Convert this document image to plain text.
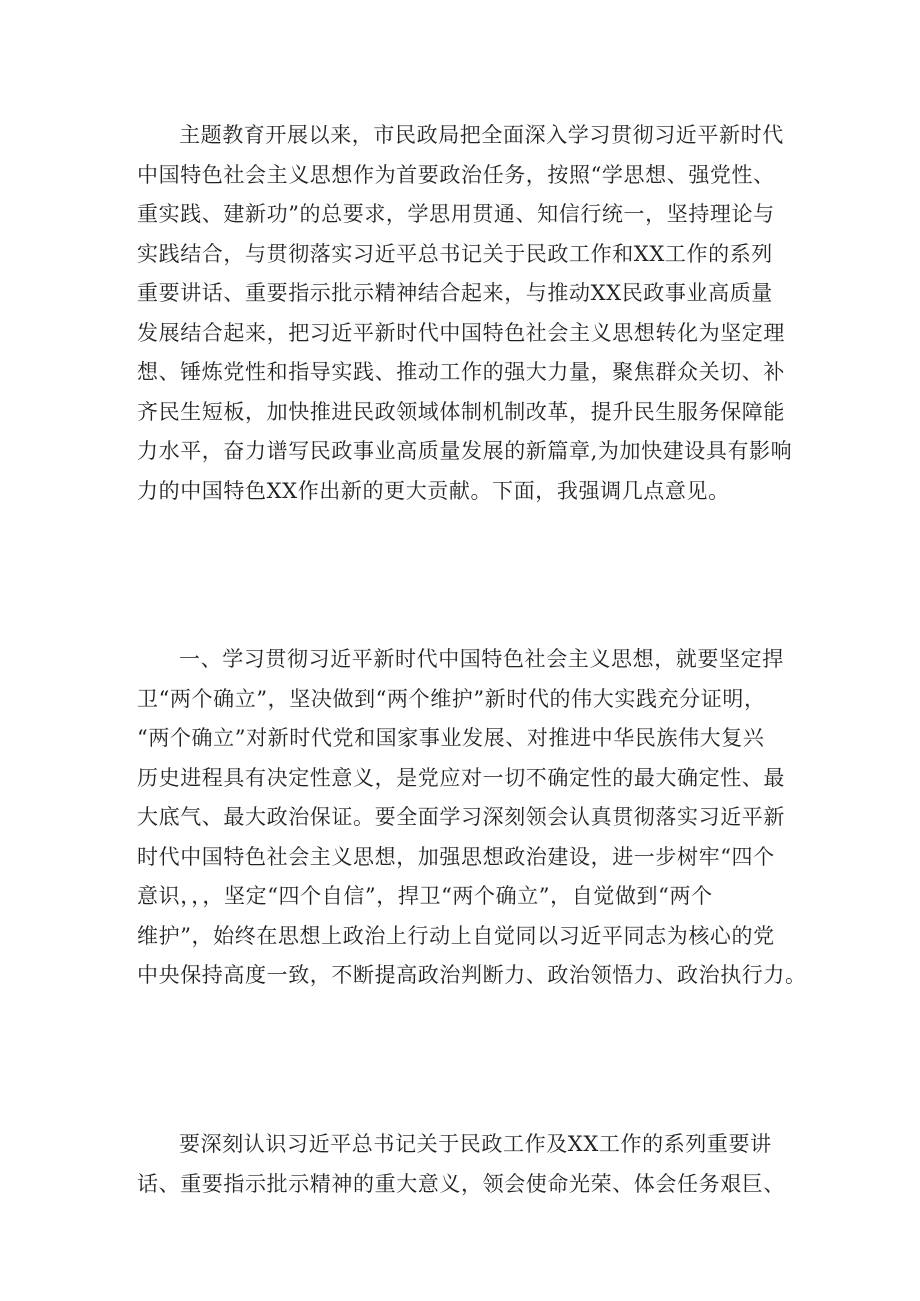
主题教育开展以来，市民政局把全面深入学习贯彻习近平新时代
中国特色社会主义思想作为首要政治任务，按照“学思想、强党性、
重实践、建新功”的总要求，学思用贯通、知信行统一，坚持理论与
实践结合，与贯彻落实习近平总书记关于民政工作和XX工作的系列
重要讲话、重要指示批示精神结合起来，与推动XX民政事业高质量
发展结合起来，把习近平新时代中国特色社会主义思想转化为坚定理
想、锤炼党性和指导实践、推动工作的强大力量，聚焦群众关切、补
齐民生短板，加快推进民政领域体制机制改革，提升民生服务保障能
力水平，奋力谱写民政事业高质量发展的新篇章,为加快建设具有影响
力的中国特色XX作出新的更大贡献。下面，我强调几点意见。

一、学习贯彻习近平新时代中国特色社会主义思想，就要坚定捍
卫“两个确立”，坚决做到“两个维护”新时代的伟大实践充分证明，
“两个确立”对新时代党和国家事业发展、对推进中华民族伟大复兴
历史进程具有决定性意义，是党应对一切不确定性的最大确定性、最
大底气、最大政治保证。要全面学习深刻领会认真贯彻落实习近平新
时代中国特色社会主义思想，加强思想政治建设，进一步树牢“四个
意识，，，坚定“四个自信”，捍卫“两个确立”，自觉做到“两个
维护”，始终在思想上政治上行动上自觉同以习近平同志为核心的党
中央保持高度一致，不断提高政治判断力、政治领悟力、政治执行力。

要深刻认识习近平总书记关于民政工作及XX工作的系列重要讲
话、重要指示批示精神的重大意义，领会使命光荣、体会任务艰巨、
